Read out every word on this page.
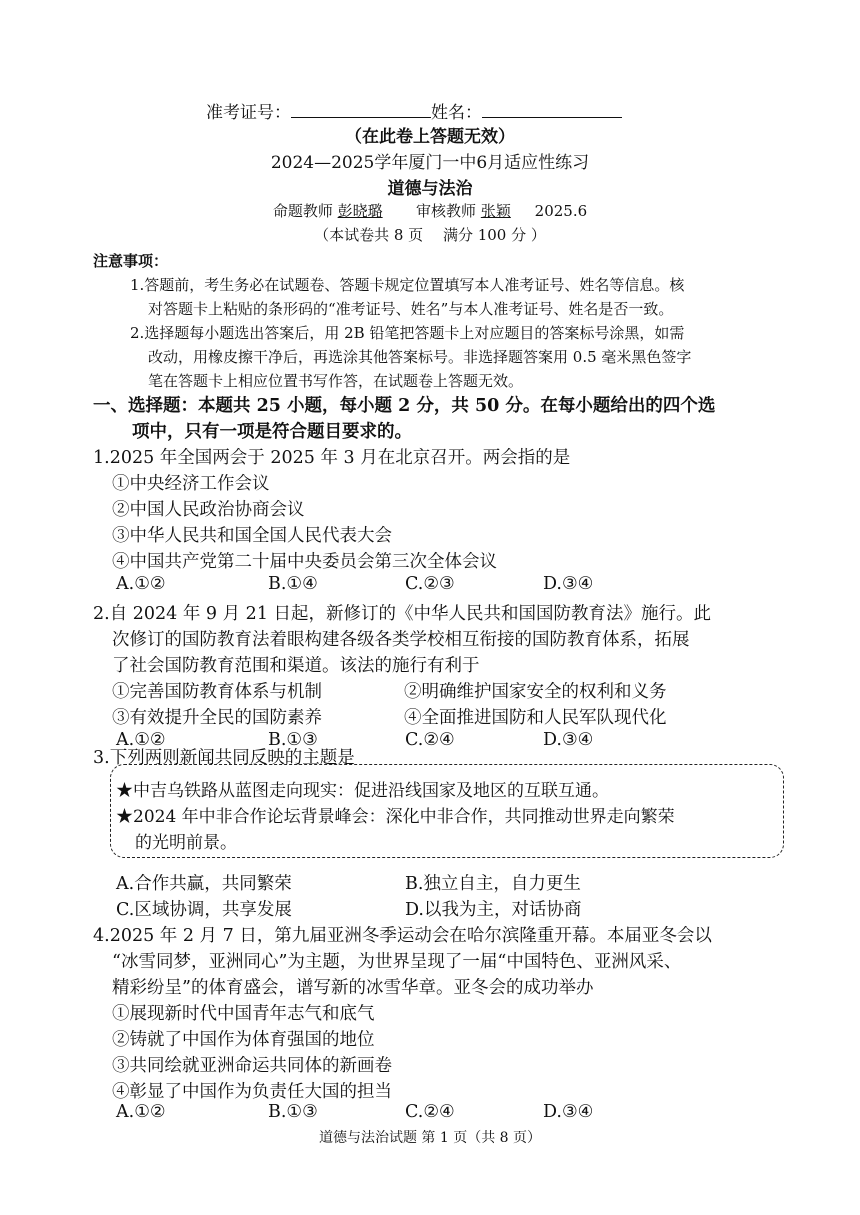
准考证号：	姓名：
（在此卷上答题无效）
2024—2025学年厦门一中6月适应性练习
道德与法治
命题教师 彭晓璐 审核教师 张颖 2025.6
（本试卷共 8 页　 满分 100 分 ）
注意事项：
1.答题前，考生务必在试题卷、答题卡规定位置填写本人准考证号、姓名等信息。核
对答题卡上粘贴的条形码的“准考证号、姓名”与本人准考证号、姓名是否一致。
2.选择题每小题选出答案后，用 2B 铅笔把答题卡上对应题目的答案标号涂黑，如需
改动，用橡皮擦干净后，再选涂其他答案标号。非选择题答案用 0.5 毫米黑色签字
笔在答题卡上相应位置书写作答，在试题卷上答题无效。
一、选择题：本题共 25 小题，每小题 2 分，共 50 分。在每小题给出的四个选
项中，只有一项是符合题目要求的。
1.2025 年全国两会于 2025 年 3 月在北京召开。两会指的是
①中央经济工作会议
②中国人民政治协商会议
③中华人民共和国全国人民代表大会
④中国共产党第二十届中央委员会第三次全体会议
A.①②	B.①④	C.②③	D.③④
2.自 2024 年 9 月 21 日起，新修订的《中华人民共和国国防教育法》施行。此
次修订的国防教育法着眼构建各级各类学校相互衔接的国防教育体系，拓展
了社会国防教育范围和渠道。该法的施行有利于
①完善国防教育体系与机制	②明确维护国家安全的权利和义务
③有效提升全民的国防素养	④全面推进国防和人民军队现代化
A.①②	B.①③	C.②④	D.③④
3.下列两则新闻共同反映的主题是
★中吉乌铁路从蓝图走向现实：促进沿线国家及地区的互联互通。
★2024 年中非合作论坛背景峰会：深化中非合作，共同推动世界走向繁荣
的光明前景。
A.合作共赢，共同繁荣	B.独立自主，自力更生
C.区域协调，共享发展	D.以我为主，对话协商
4.2025 年 2 月 7 日，第九届亚洲冬季运动会在哈尔滨隆重开幕。本届亚冬会以
“冰雪同梦，亚洲同心”为主题，为世界呈现了一届“中国特色、亚洲风采、
精彩纷呈”的体育盛会，谱写新的冰雪华章。亚冬会的成功举办
①展现新时代中国青年志气和底气
②铸就了中国作为体育强国的地位
③共同绘就亚洲命运共同体的新画卷
④彰显了中国作为负责任大国的担当
A.①②	B.①③	C.②④	D.③④
道德与法治试题 第 1 页（共 8 页）
